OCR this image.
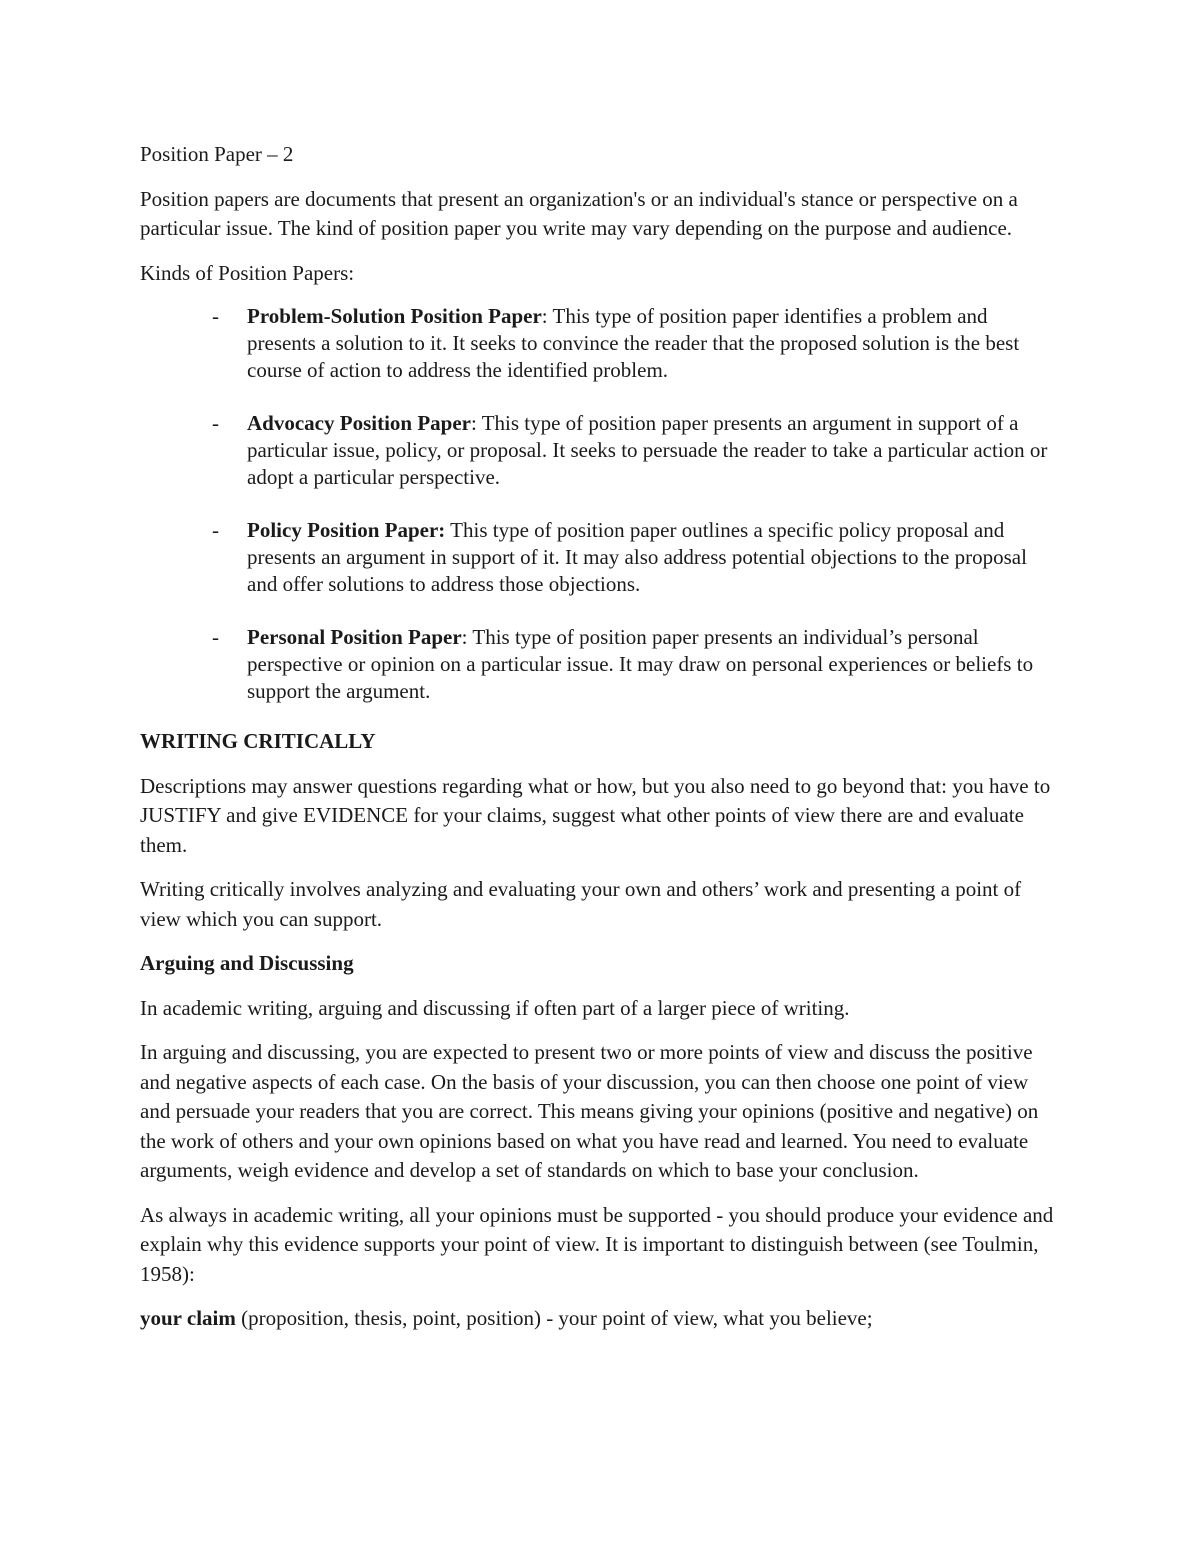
Position Paper – 2

Position papers are documents that present an organization's or an individual's stance or perspective on a particular issue. The kind of position paper you write may vary depending on the purpose and audience.

Kinds of Position Papers:

- Problem-Solution Position Paper: This type of position paper identifies a problem and presents a solution to it. It seeks to convince the reader that the proposed solution is the best course of action to address the identified problem.
- Advocacy Position Paper: This type of position paper presents an argument in support of a particular issue, policy, or proposal. It seeks to persuade the reader to take a particular action or adopt a particular perspective.
- Policy Position Paper: This type of position paper outlines a specific policy proposal and presents an argument in support of it. It may also address potential objections to the proposal and offer solutions to address those objections.
- Personal Position Paper: This type of position paper presents an individual’s personal perspective or opinion on a particular issue. It may draw on personal experiences or beliefs to support the argument.

WRITING CRITICALLY

Descriptions may answer questions regarding what or how, but you also need to go beyond that: you have to JUSTIFY and give EVIDENCE for your claims, suggest what other points of view there are and evaluate them.

Writing critically involves analyzing and evaluating your own and others’ work and presenting a point of view which you can support.

Arguing and Discussing

In academic writing, arguing and discussing if often part of a larger piece of writing.

In arguing and discussing, you are expected to present two or more points of view and discuss the positive and negative aspects of each case. On the basis of your discussion, you can then choose one point of view and persuade your readers that you are correct. This means giving your opinions (positive and negative) on the work of others and your own opinions based on what you have read and learned. You need to evaluate arguments, weigh evidence and develop a set of standards on which to base your conclusion.

As always in academic writing, all your opinions must be supported - you should produce your evidence and explain why this evidence supports your point of view. It is important to distinguish between (see Toulmin, 1958):

your claim (proposition, thesis, point, position) - your point of view, what you believe;
